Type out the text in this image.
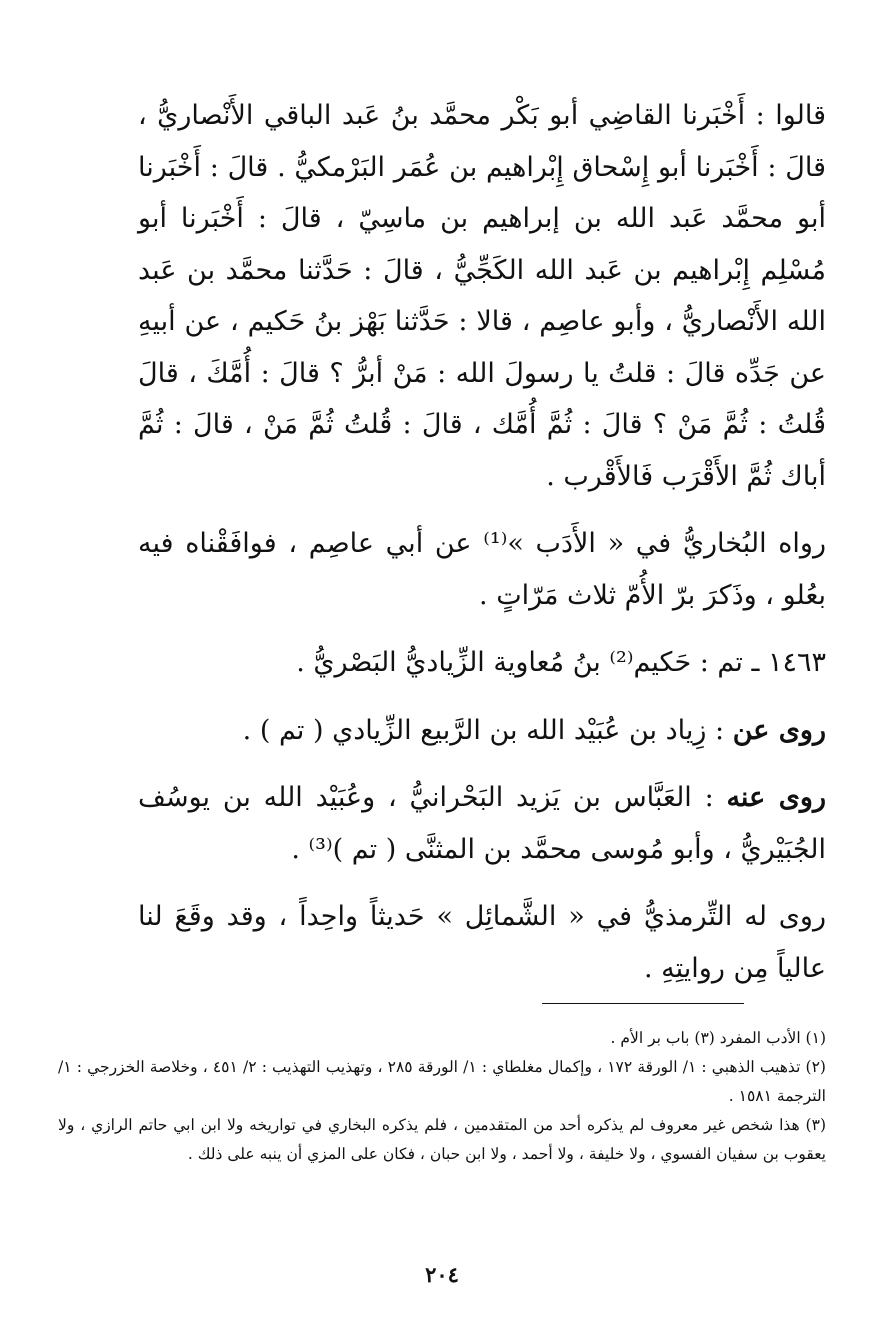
قالوا : أَخْبَرنا القاضِي أبو بَكْر محمَّد بنُ عَبد الباقي الأَنْصاريُّ ، قالَ : أَخْبَرنا أبو إِسْحاق إِبْراهيم بن عُمَر البَرْمكيُّ . قالَ : أَخْبَرنا أبو محمَّد عَبد الله بن إبراهيم بن ماسِيّ ، قالَ : أَخْبَرنا أبو مُسْلِم إِبْراهيم بن عَبد الله الكَجِّيُّ ، قالَ : حَدَّثنا محمَّد بن عَبد الله الأَنْصاريُّ ، وأبو عاصِم ، قالا : حَدَّثنا بَهْز بنُ حَكيم ، عن أبيهِ عن جَدِّه قالَ : قلتُ يا رسولَ الله : مَنْ أبرُّ ؟ قالَ : أُمَّكَ ، قالَ قُلتُ : ثُمَّ مَنْ ؟ قالَ : ثُمَّ أُمَّك ، قالَ : قُلتُ ثُمَّ مَنْ ، قالَ : ثُمَّ أباك ثُمَّ الأَقْرَب فَالأَقْرب .

رواه البُخاريُّ في « الأَدَب »⁽¹⁾ عن أبي عاصِم ، فوافَقْناه فيه بعُلو ، وذَكرَ برّ الأُمّ ثلاث مَرّاتٍ .

١٤٦٣ ـ تم : حَكيم⁽²⁾ بنُ مُعاوية الزِّياديُّ البَصْريُّ .

روى عن : زِياد بن عُبَيْد الله بن الرَّبيع الزِّيادي ( تم ) .

روى عنه : العَبَّاس بن يَزيد البَحْرانيُّ ، وعُبَيْد الله بن يوسُف الجُبَيْريُّ ، وأبو مُوسى محمَّد بن المثنَّى ( تم )⁽³⁾ .

روى له التِّرمذيُّ في « الشَّمائِل » حَديثاً واحِداً ، وقد وقَعَ لنا عالياً مِن روايتِهِ .

(١) الأدب المفرد (٣) باب بر الأم .

(٢) تذهيب الذهبي : ١/ الورقة ١٧٢ ، وإكمال مغلطاي : ١/ الورقة ٢٨٥ ، وتهذيب التهذيب : ٢/ ٤٥١ ، وخلاصة الخزرجي : ١/ الترجمة ١٥٨١ .

(٣) هذا شخص غير معروف لم يذكره أحد من المتقدمين ، فلم يذكره البخاري في تواريخه ولا ابن ابي حاتم الرازي ، ولا يعقوب بن سفيان الفسوي ، ولا خليفة ، ولا أحمد ، ولا ابن حبان ، فكان على المزي أن ينبه على ذلك .

٢٠٤
